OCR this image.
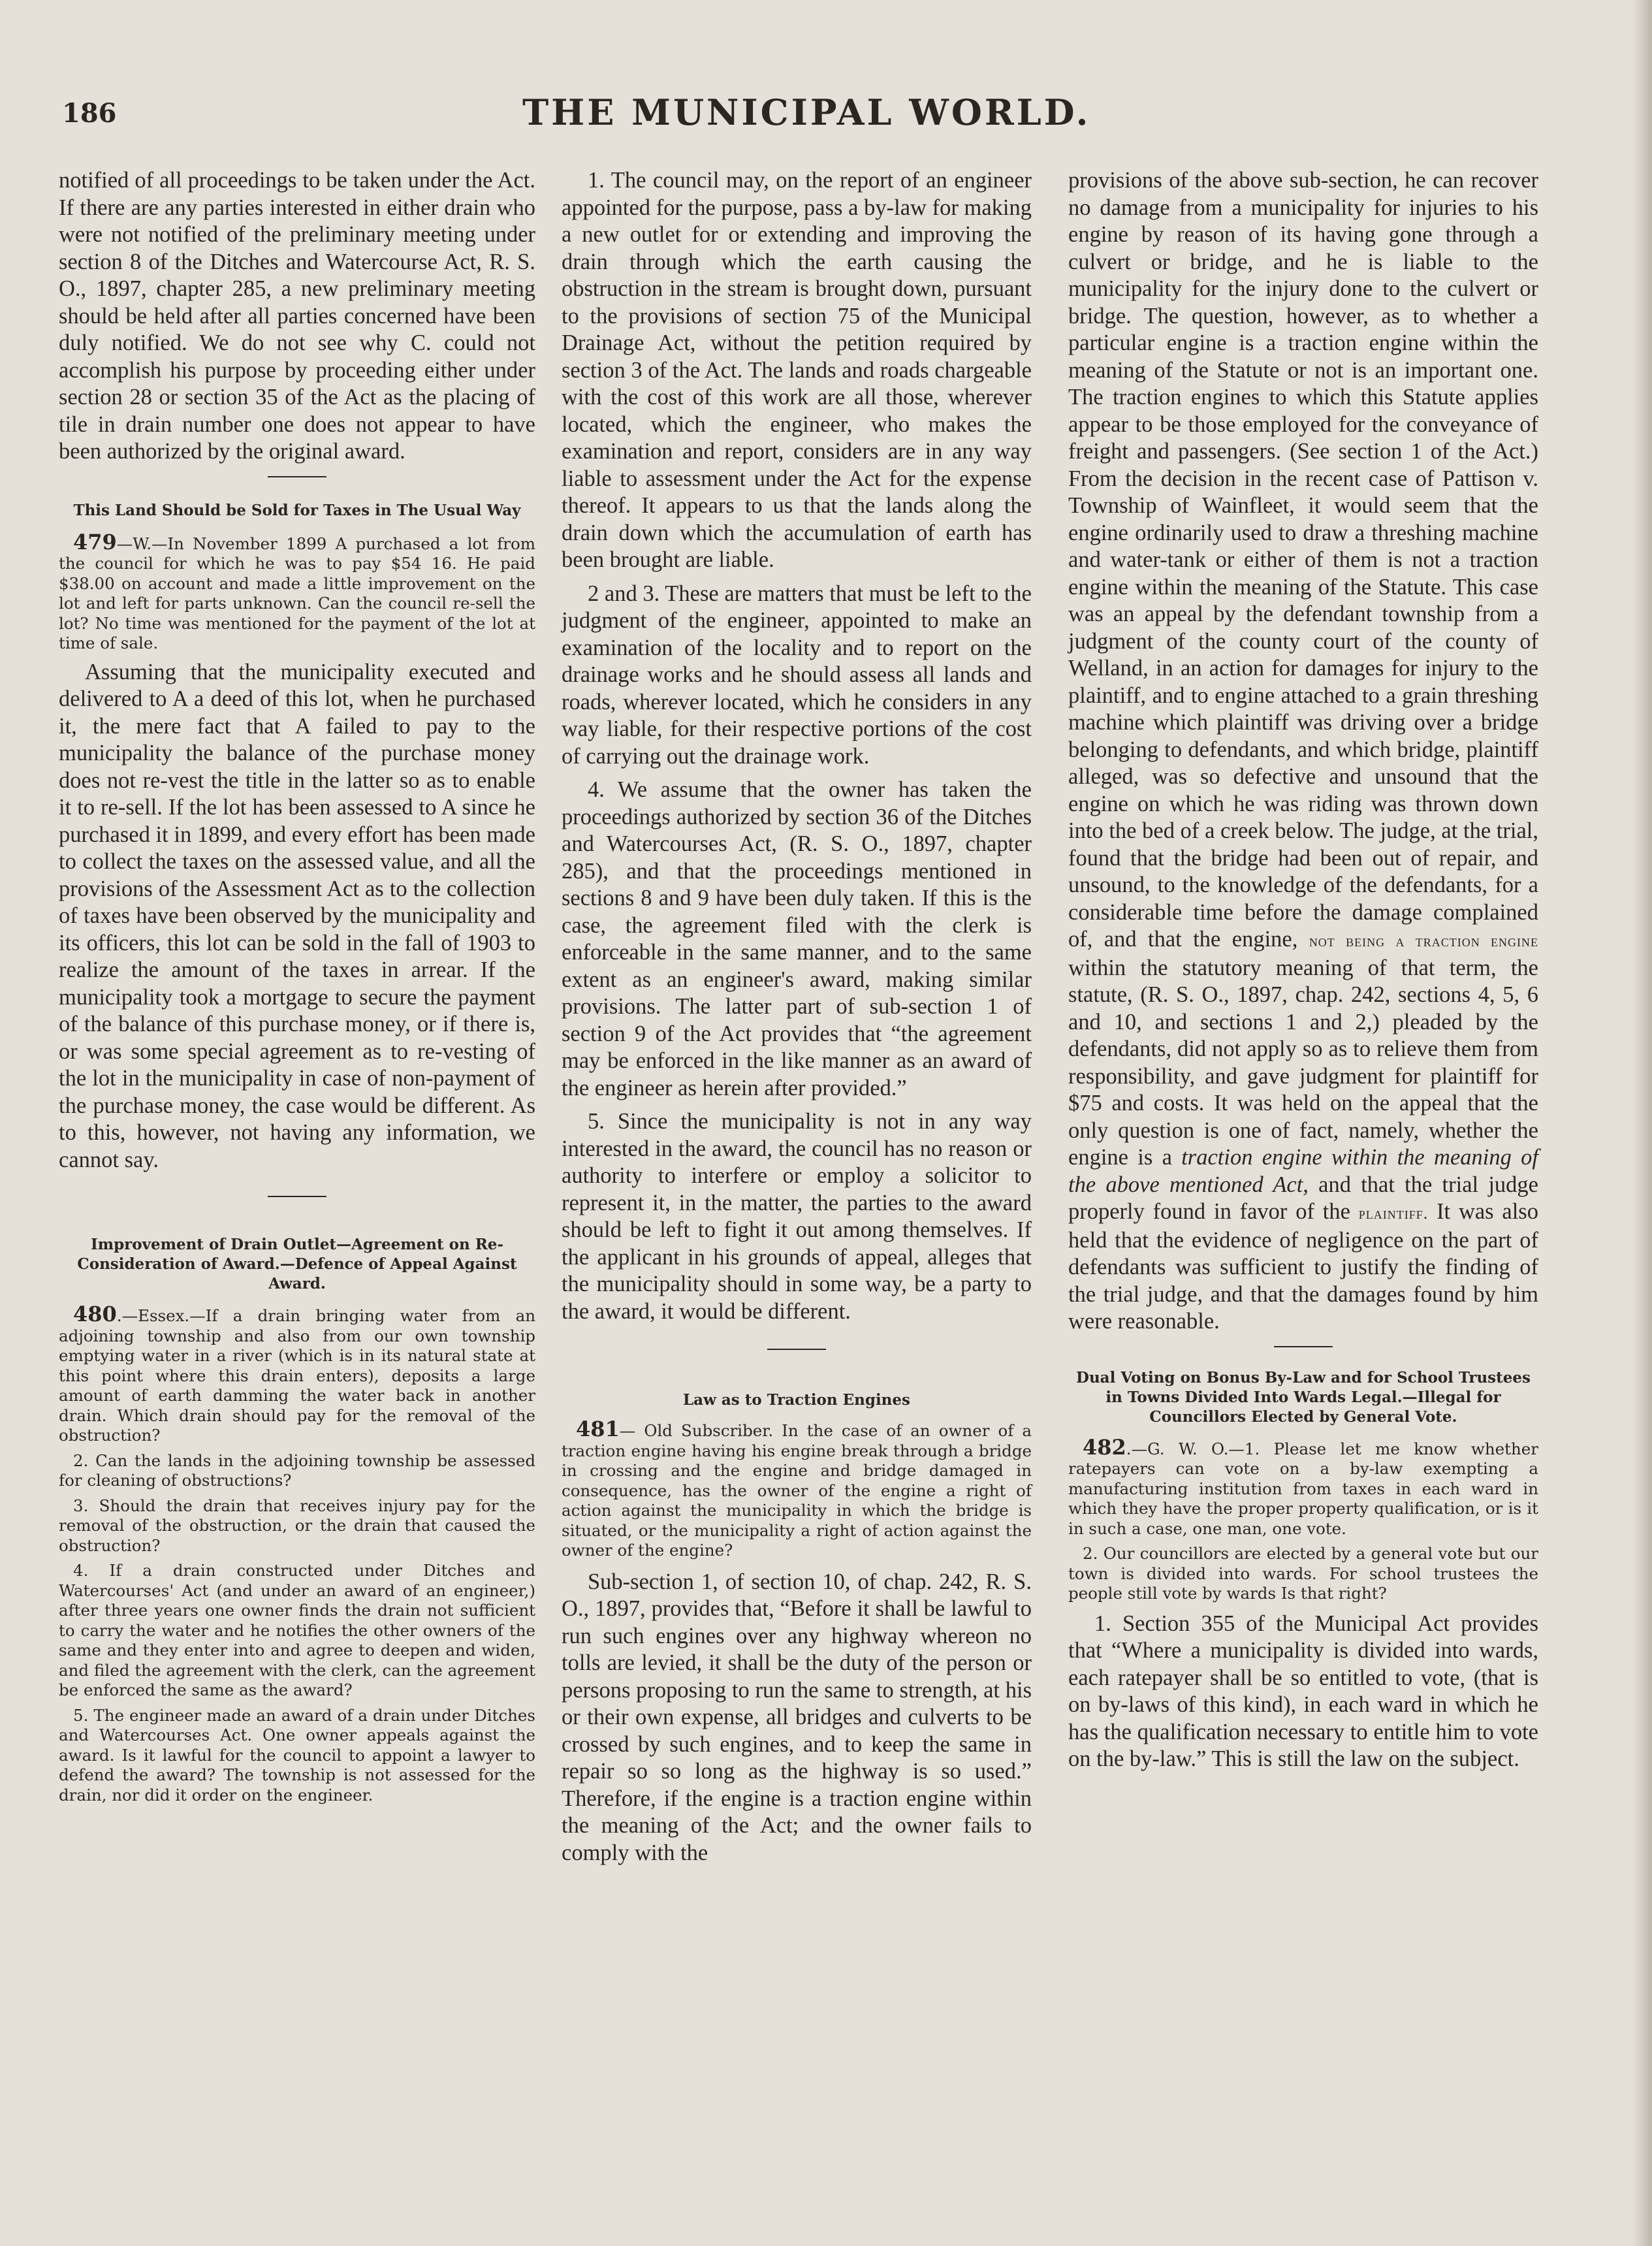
186	THE MUNICIPAL WORLD.

notified of all proceedings to be taken under the Act. If there are any parties interested in either drain who were not notified of the preliminary meeting under section 8 of the Ditches and Watercourse Act, R. S. O., 1897, chapter 285, a new preliminary meeting should be held after all parties concerned have been duly notified. We do not see why C. could not accomplish his purpose by proceeding either under section 28 or section 35 of the Act as the placing of tile in drain number one does not appear to have been authorized by the original award.

This Land Should be Sold for Taxes in The Usual Way

479—W.—In November 1899 A purchased a lot from the council for which he was to pay $54 16. He paid $38.00 on account and made a little improvement on the lot and left for parts unknown. Can the council re-sell the lot? No time was mentioned for the payment of the lot at time of sale.

Assuming that the municipality executed and delivered to A a deed of this lot, when he purchased it, the mere fact that A failed to pay to the municipality the balance of the purchase money does not re-vest the title in the latter so as to enable it to re-sell. If the lot has been assessed to A since he purchased it in 1899, and every effort has been made to collect the taxes on the assessed value, and all the provisions of the Assessment Act as to the collection of taxes have been observed by the municipality and its officers, this lot can be sold in the fall of 1903 to realize the amount of the taxes in arrear. If the municipality took a mortgage to secure the payment of the balance of this purchase money, or if there is, or was some special agreement as to re-vesting of the lot in the municipality in case of non-payment of the purchase money, the case would be different. As to this, however, not having any information, we cannot say.

Improvement of Drain Outlet—Agreement on Re-Consideration of Award.—Defence of Appeal Against Award.

480.—Essex.—If a drain bringing water from an adjoining township and also from our own township emptying water in a river (which is in its natural state at this point where this drain enters), deposits a large amount of earth damming the water back in another drain. Which drain should pay for the removal of the obstruction?

2. Can the lands in the adjoining township be assessed for cleaning of obstructions?

3. Should the drain that receives injury pay for the removal of the obstruction, or the drain that caused the obstruction?

4. If a drain constructed under Ditches and Watercourses' Act (and under an award of an engineer,) after three years one owner finds the drain not sufficient to carry the water and he notifies the other owners of the same and they enter into and agree to deepen and widen, and filed the agreement with the clerk, can the agreement be enforced the same as the award?

5. The engineer made an award of a drain under Ditches and Watercourses Act. One owner appeals against the award. Is it lawful for the council to appoint a lawyer to defend the award? The township is not assessed for the drain, nor did it order on the engineer.

1. The council may, on the report of an engineer appointed for the purpose, pass a by-law for making a new outlet for or extending and improving the drain through which the earth causing the obstruction in the stream is brought down, pursuant to the provisions of section 75 of the Municipal Drainage Act, without the petition required by section 3 of the Act. The lands and roads chargeable with the cost of this work are all those, wherever located, which the engineer, who makes the examination and report, considers are in any way liable to assessment under the Act for the expense thereof. It appears to us that the lands along the drain down which the accumulation of earth has been brought are liable.

2 and 3. These are matters that must be left to the judgment of the engineer, appointed to make an examination of the locality and to report on the drainage works and he should assess all lands and roads, wherever located, which he considers in any way liable, for their respective portions of the cost of carrying out the drainage work.

4. We assume that the owner has taken the proceedings authorized by section 36 of the Ditches and Watercourses Act, (R. S. O., 1897, chapter 285), and that the proceedings mentioned in sections 8 and 9 have been duly taken. If this is the case, the agreement filed with the clerk is enforceable in the same manner, and to the same extent as an engineer's award, making similar provisions. The latter part of sub-section 1 of section 9 of the Act provides that “the agreement may be enforced in the like manner as an award of the engineer as herein after provided.”

5. Since the municipality is not in any way interested in the award, the council has no reason or authority to interfere or employ a solicitor to represent it, in the matter, the parties to the award should be left to fight it out among themselves. If the applicant in his grounds of appeal, alleges that the municipality should in some way, be a party to the award, it would be different.

Law as to Traction Engines

481— Old Subscriber. In the case of an owner of a traction engine having his engine break through a bridge in crossing and the engine and bridge damaged in consequence, has the owner of the engine a right of action against the municipality in which the bridge is situated, or the municipality a right of action against the owner of the engine?

Sub-section 1, of section 10, of chap. 242, R. S. O., 1897, provides that, “Before it shall be lawful to run such engines over any highway whereon no tolls are levied, it shall be the duty of the person or persons proposing to run the same to strength, at his or their own expense, all bridges and culverts to be crossed by such engines, and to keep the same in repair so so long as the highway is so used.” Therefore, if the engine is a traction engine within the meaning of the Act; and the owner fails to comply with the

provisions of the above sub-section, he can recover no damage from a municipality for injuries to his engine by reason of its having gone through a culvert or bridge, and he is liable to the municipality for the injury done to the culvert or bridge. The question, however, as to whether a particular engine is a traction engine within the meaning of the Statute or not is an important one. The traction engines to which this Statute applies appear to be those employed for the conveyance of freight and passengers. (See section 1 of the Act.) From the decision in the recent case of Pattison v. Township of Wainfleet, it would seem that the engine ordinarily used to draw a threshing machine and water-tank or either of them is not a traction engine within the meaning of the Statute. This case was an appeal by the defendant township from a judgment of the county court of the county of Welland, in an action for damages for injury to the plaintiff, and to engine attached to a grain threshing machine which plaintiff was driving over a bridge belonging to defendants, and which bridge, plaintiff alleged, was so defective and unsound that the engine on which he was riding was thrown down into the bed of a creek below. The judge, at the trial, found that the bridge had been out of repair, and unsound, to the knowledge of the defendants, for a considerable time before the damage complained of, and that the engine, not being a traction engine within the statutory meaning of that term, the statute, (R. S. O., 1897, chap. 242, sections 4, 5, 6 and 10, and sections 1 and 2,) pleaded by the defendants, did not apply so as to relieve them from responsibility, and gave judgment for plaintiff for $75 and costs. It was held on the appeal that the only question is one of fact, namely, whether the engine is a traction engine within the meaning of the above mentioned Act, and that the trial judge properly found in favor of the plaintiff. It was also held that the evidence of negligence on the part of defendants was sufficient to justify the finding of the trial judge, and that the damages found by him were reasonable.

Dual Voting on Bonus By-Law and for School Trustees in Towns Divided Into Wards Legal.—Illegal for Councillors Elected by General Vote.

482.—G. W. O.—1. Please let me know whether ratepayers can vote on a by-law exempting a manufacturing institution from taxes in each ward in which they have the proper property qualification, or is it in such a case, one man, one vote.

2. Our councillors are elected by a general vote but our town is divided into wards. For school trustees the people still vote by wards Is that right?

1. Section 355 of the Municipal Act provides that “Where a municipality is divided into wards, each ratepayer shall be so entitled to vote, (that is on by-laws of this kind), in each ward in which he has the qualification necessary to entitle him to vote on the by-law.” This is still the law on the subject.
